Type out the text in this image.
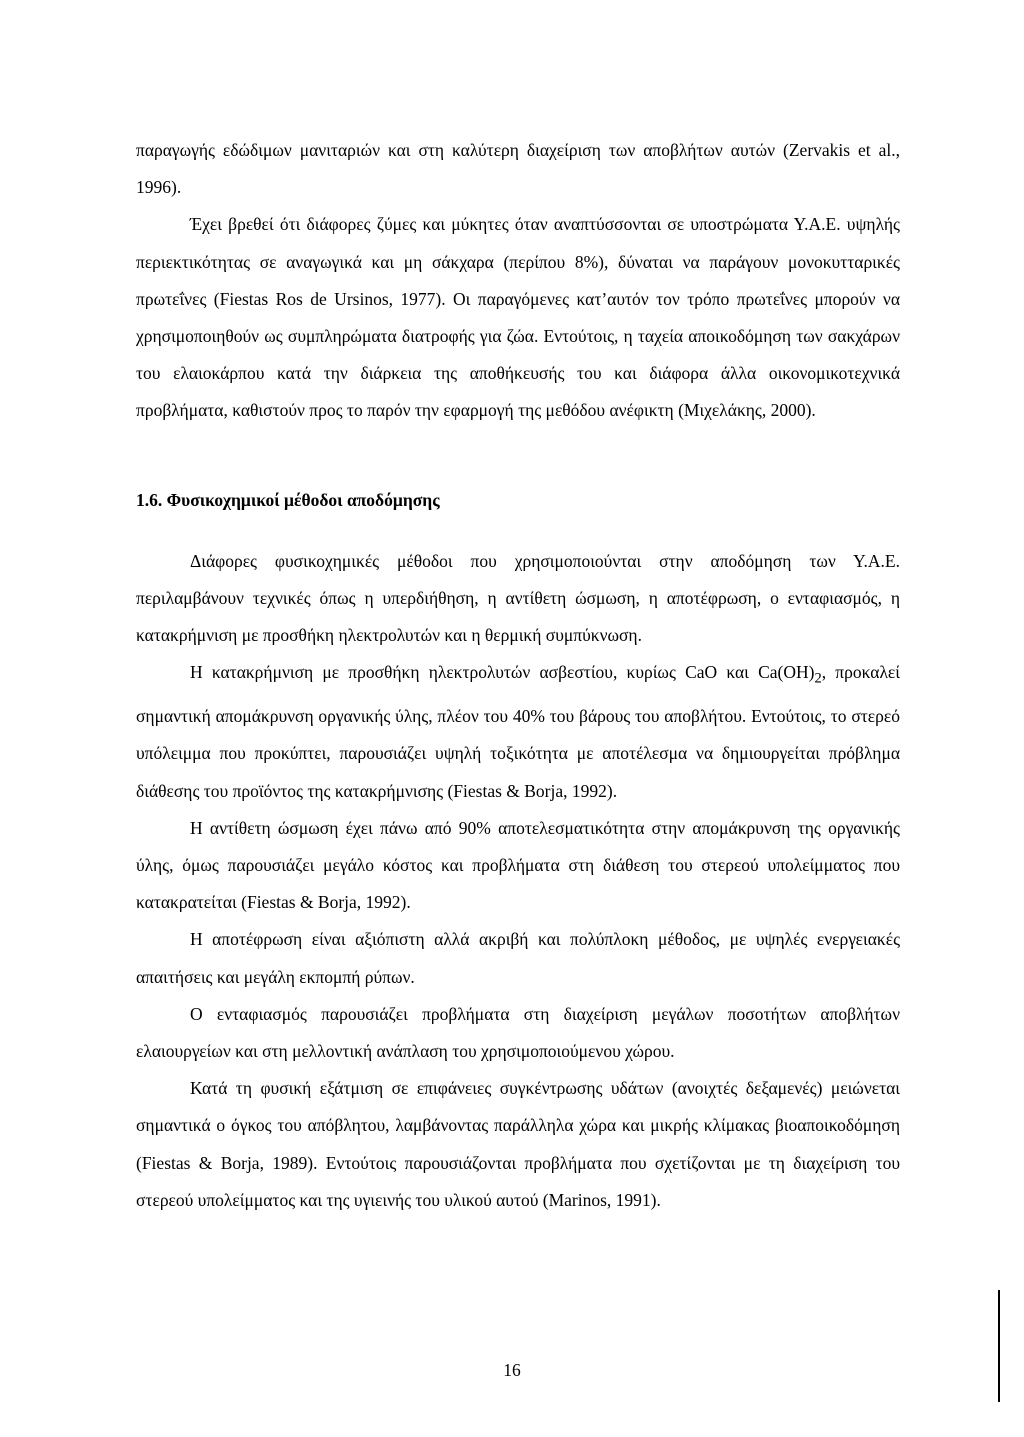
παραγωγής εδώδιμων μανιταριών και στη καλύτερη διαχείριση των αποβλήτων αυτών (Zervakis et al., 1996).

Έχει βρεθεί ότι διάφορες ζύμες και μύκητες όταν αναπτύσσονται σε υποστρώματα Υ.Α.Ε. υψηλής περιεκτικότητας σε αναγωγικά και μη σάκχαρα (περίπου 8%), δύναται να παράγουν μονοκυτταρικές πρωτεΐνες (Fiestas Ros de Ursinos, 1977). Οι παραγόμενες κατ’αυτόν τον τρόπο πρωτεΐνες μπορούν να χρησιμοποιηθούν ως συμπληρώματα διατροφής για ζώα. Εντούτοις, η ταχεία αποικοδόμηση των σακχάρων του ελαιοκάρπου κατά την διάρκεια της αποθήκευσής του και διάφορα άλλα οικονομικοτεχνικά προβλήματα, καθιστούν προς το παρόν την εφαρμογή της μεθόδου ανέφικτη (Μιχελάκης, 2000).

1.6. Φυσικοχημικοί μέθοδοι αποδόμησης

Διάφορες φυσικοχημικές μέθοδοι που χρησιμοποιούνται στην αποδόμηση των Υ.Α.Ε. περιλαμβάνουν τεχνικές όπως η υπερδιήθηση, η αντίθετη ώσμωση, η αποτέφρωση, ο ενταφιασμός, η κατακρήμνιση με προσθήκη ηλεκτρολυτών και η θερμική συμπύκνωση.

Η κατακρήμνιση με προσθήκη ηλεκτρολυτών ασβεστίου, κυρίως CaO και $Ca(OH)_2$, προκαλεί σημαντική απομάκρυνση οργανικής ύλης, πλέον του 40% του βάρους του αποβλήτου. Εντούτοις, το στερεό υπόλειμμα που προκύπτει, παρουσιάζει υψηλή τοξικότητα με αποτέλεσμα να δημιουργείται πρόβλημα διάθεσης του προϊόντος της κατακρήμνισης (Fiestas & Borja, 1992).

Η αντίθετη ώσμωση έχει πάνω από 90% αποτελεσματικότητα στην απομάκρυνση της οργανικής ύλης, όμως παρουσιάζει μεγάλο κόστος και προβλήματα στη διάθεση του στερεού υπολείμματος που κατακρατείται (Fiestas & Borja, 1992).

Η αποτέφρωση είναι αξιόπιστη αλλά ακριβή και πολύπλοκη μέθοδος, με υψηλές ενεργειακές απαιτήσεις και μεγάλη εκπομπή ρύπων.

Ο ενταφιασμός παρουσιάζει προβλήματα στη διαχείριση μεγάλων ποσοτήτων αποβλήτων ελαιουργείων και στη μελλοντική ανάπλαση του χρησιμοποιούμενου χώρου.

Κατά τη φυσική εξάτμιση σε επιφάνειες συγκέντρωσης υδάτων (ανοιχτές δεξαμενές) μειώνεται σημαντικά ο όγκος του απόβλητου, λαμβάνοντας παράλληλα χώρα και μικρής κλίμακας βιοαποικοδόμηση (Fiestas & Borja, 1989). Εντούτοις παρουσιάζονται προβλήματα που σχετίζονται με τη διαχείριση του στερεού υπολείμματος και της υγιεινής του υλικού αυτού (Marinos, 1991).

16
